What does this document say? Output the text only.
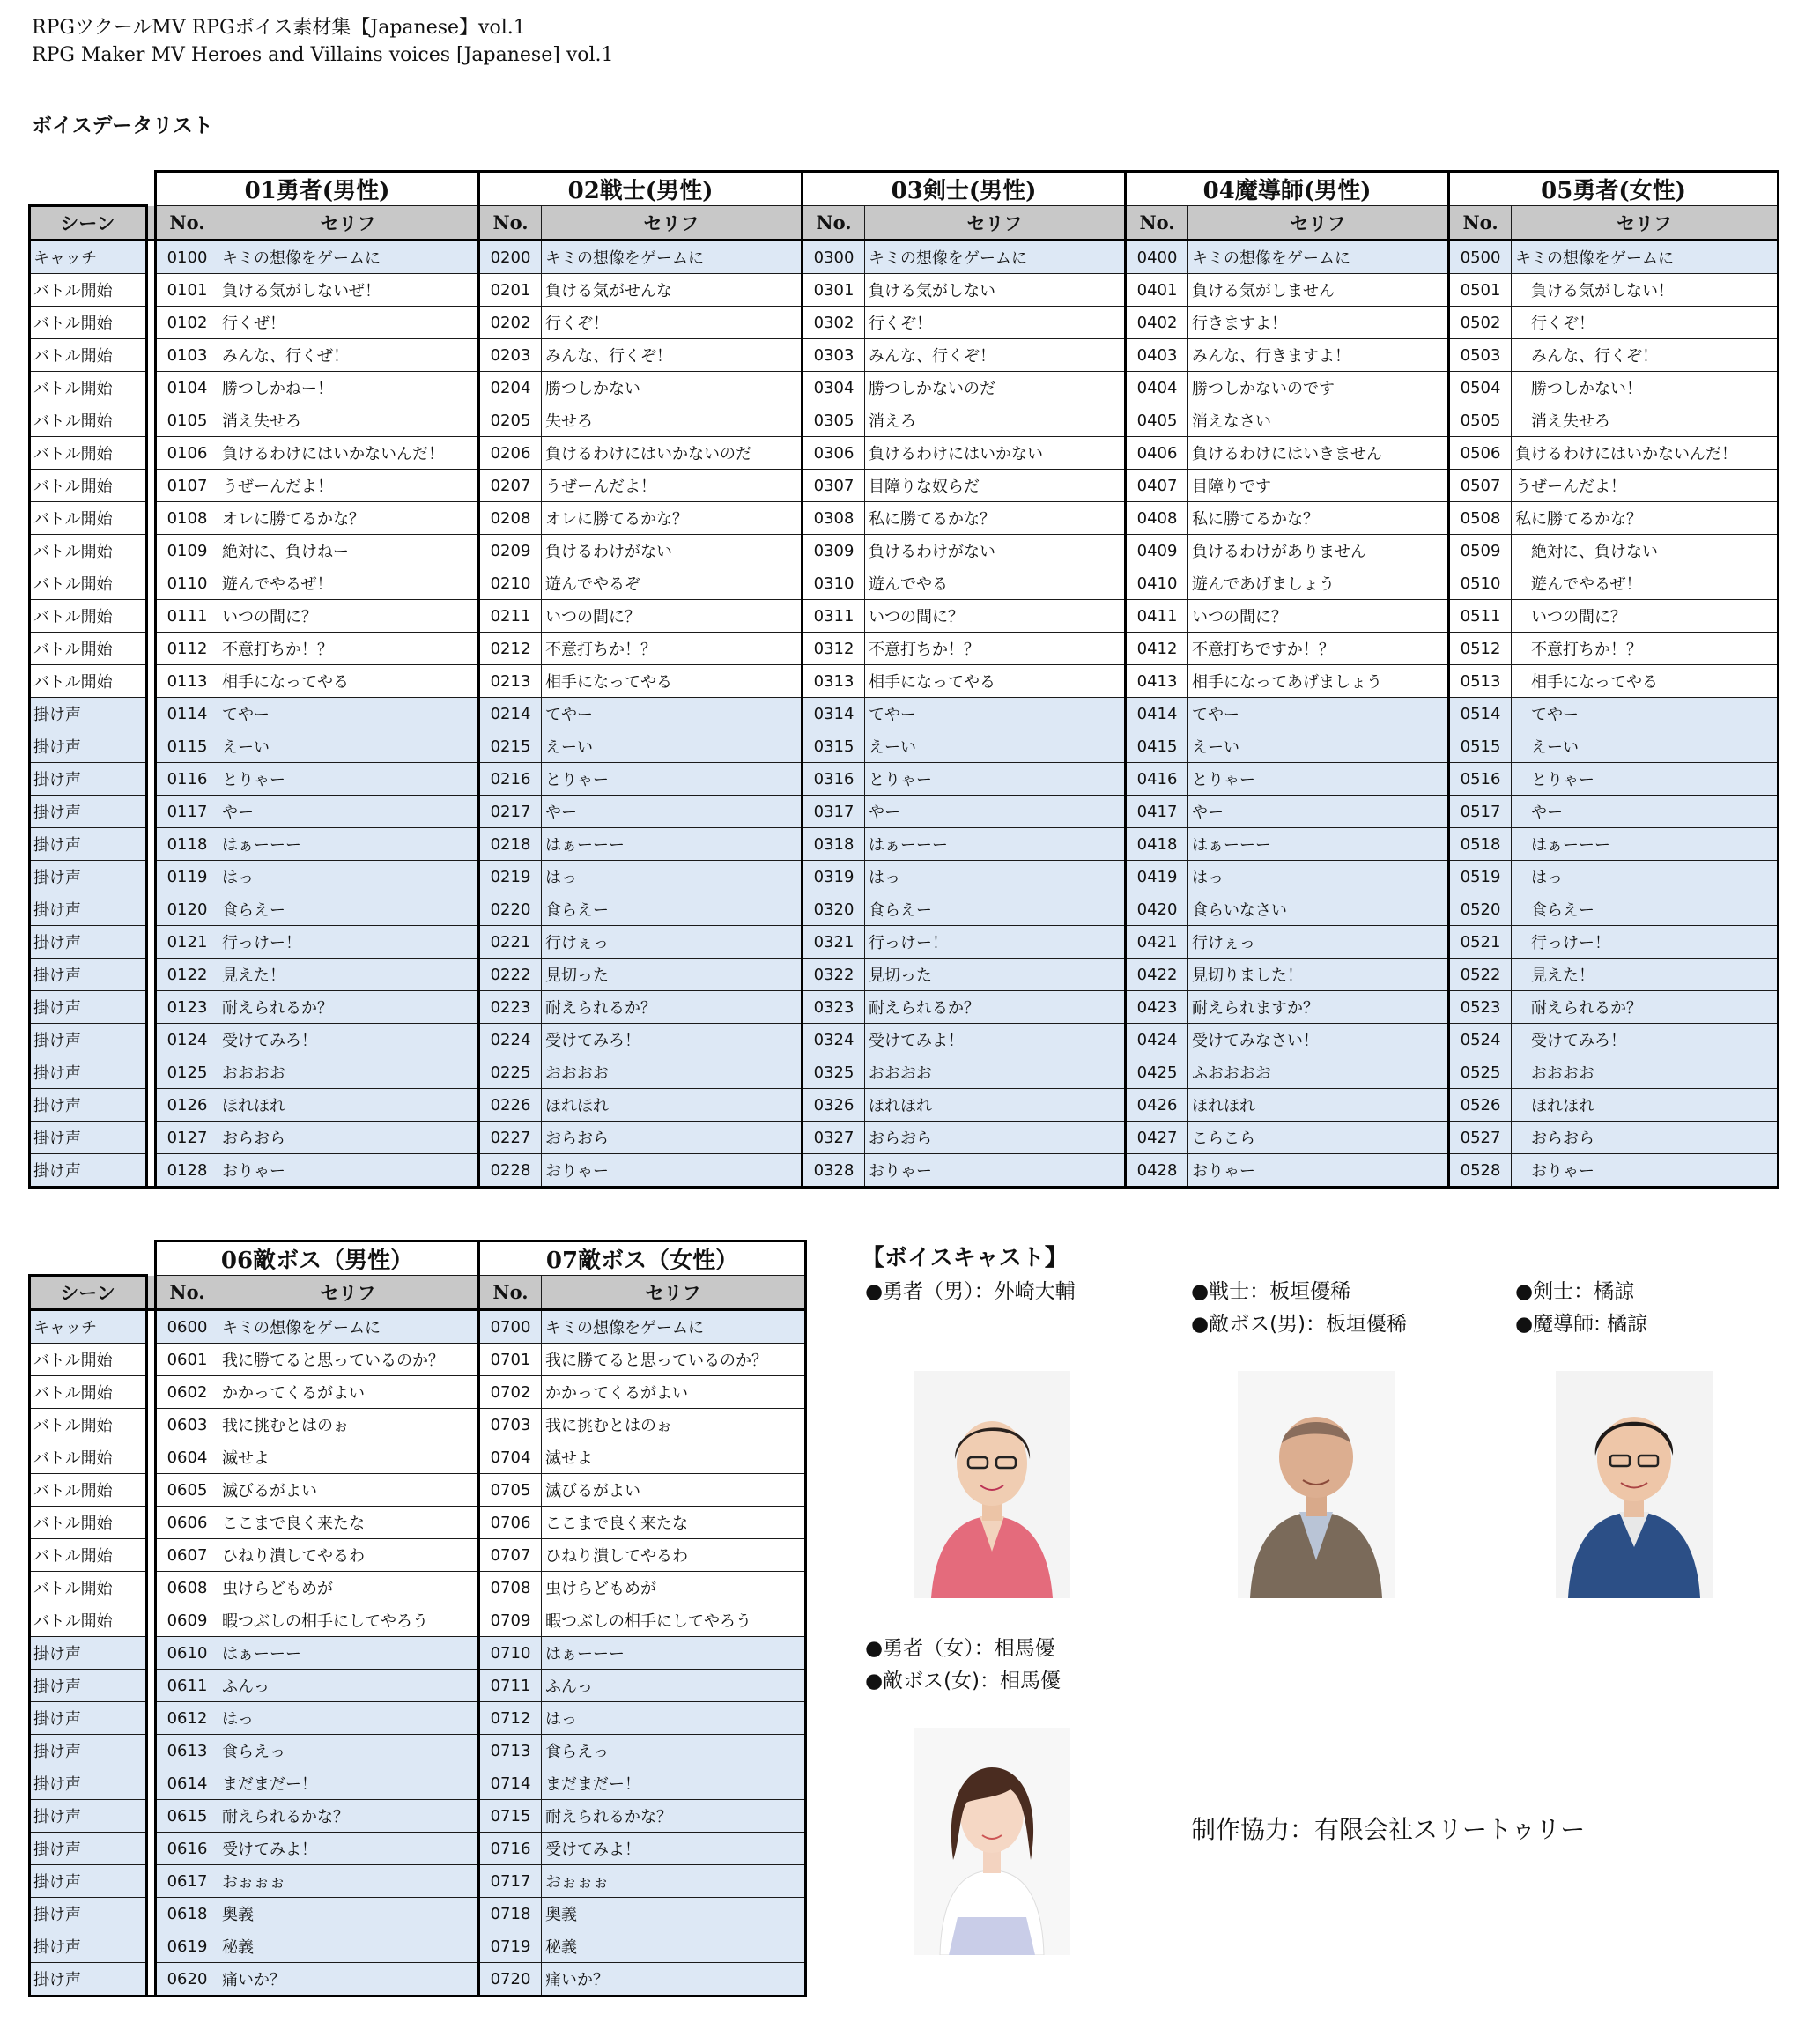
RPGツクールMV RPGボイス素材集【Japanese】vol.1
RPG Maker MV Heroes and Villains voices [Japanese] vol.1
ボイスデータリスト
		01勇者(男性)		02戦士(男性)		03剣士(男性)		04魔導師(男性)		05勇者(女性)	
シーン		No.	セリフ	No.	セリフ	No.	セリフ	No.	セリフ	No.	セリフ
キャッチ		0100	キミの想像をゲームに	0200	キミの想像をゲームに	0300	キミの想像をゲームに	0400	キミの想像をゲームに	0500	キミの想像をゲームに
バトル開始		0101	負ける気がしないぜ！	0201	負ける気がせんな	0301	負ける気がしない	0401	負ける気がしません	0501	　負ける気がしない！
バトル開始		0102	行くぜ！	0202	行くぞ！	0302	行くぞ！	0402	行きますよ！	0502	　行くぞ！
バトル開始		0103	みんな、行くぜ！	0203	みんな、行くぞ！	0303	みんな、行くぞ！	0403	みんな、行きますよ！	0503	　みんな、行くぞ！
バトル開始		0104	勝つしかねー！	0204	勝つしかない	0304	勝つしかないのだ	0404	勝つしかないのです	0504	　勝つしかない！
バトル開始		0105	消え失せろ	0205	失せろ	0305	消えろ	0405	消えなさい	0505	　消え失せろ
バトル開始		0106	負けるわけにはいかないんだ！	0206	負けるわけにはいかないのだ	0306	負けるわけにはいかない	0406	負けるわけにはいきません	0506	負けるわけにはいかないんだ！
バトル開始		0107	うぜーんだよ！	0207	うぜーんだよ！	0307	目障りな奴らだ	0407	目障りです	0507	うぜーんだよ！
バトル開始		0108	オレに勝てるかな？	0208	オレに勝てるかな？	0308	私に勝てるかな？	0408	私に勝てるかな？	0508	私に勝てるかな？
バトル開始		0109	絶対に、負けねー	0209	負けるわけがない	0309	負けるわけがない	0409	負けるわけがありません	0509	　絶対に、負けない
バトル開始		0110	遊んでやるぜ！	0210	遊んでやるぞ	0310	遊んでやる	0410	遊んであげましょう	0510	　遊んでやるぜ！
バトル開始		0111	いつの間に？	0211	いつの間に？	0311	いつの間に？	0411	いつの間に？	0511	　いつの間に？
バトル開始		0112	不意打ちか！？	0212	不意打ちか！？	0312	不意打ちか！？	0412	不意打ちですか！？	0512	　不意打ちか！？
バトル開始		0113	相手になってやる	0213	相手になってやる	0313	相手になってやる	0413	相手になってあげましょう	0513	　相手になってやる
掛け声		0114	てやー	0214	てやー	0314	てやー	0414	てやー	0514	　てやー
掛け声		0115	えーい	0215	えーい	0315	えーい	0415	えーい	0515	　えーい
掛け声		0116	とりゃー	0216	とりゃー	0316	とりゃー	0416	とりゃー	0516	　とりゃー
掛け声		0117	やー	0217	やー	0317	やー	0417	やー	0517	　やー
掛け声		0118	はぁーーー	0218	はぁーーー	0318	はぁーーー	0418	はぁーーー	0518	　はぁーーー
掛け声		0119	はっ	0219	はっ	0319	はっ	0419	はっ	0519	　はっ
掛け声		0120	食らえー	0220	食らえー	0320	食らえー	0420	食らいなさい	0520	　食らえー
掛け声		0121	行っけー！	0221	行けぇっ	0321	行っけー！	0421	行けぇっ	0521	　行っけー！
掛け声		0122	見えた！	0222	見切った	0322	見切った	0422	見切りました！	0522	　見えた！
掛け声		0123	耐えられるか？	0223	耐えられるか？	0323	耐えられるか？	0423	耐えられますか？	0523	　耐えられるか？
掛け声		0124	受けてみろ！	0224	受けてみろ！	0324	受けてみよ！	0424	受けてみなさい！	0524	　受けてみろ！
掛け声		0125	おおおお	0225	おおおお	0325	おおおお	0425	ふおおおお	0525	　おおおお
掛け声		0126	ほれほれ	0226	ほれほれ	0326	ほれほれ	0426	ほれほれ	0526	　ほれほれ
掛け声		0127	おらおら	0227	おらおら	0327	おらおら	0427	こらこら	0527	　おらおら
掛け声		0128	おりゃー	0228	おりゃー	0328	おりゃー	0428	おりゃー	0528	　おりゃー
		06敵ボス（男性）		07敵ボス（女性）	
シーン		No.	セリフ	No.	セリフ
キャッチ		0600	キミの想像をゲームに	0700	キミの想像をゲームに
バトル開始		0601	我に勝てると思っているのか？	0701	我に勝てると思っているのか？
バトル開始		0602	かかってくるがよい	0702	かかってくるがよい
バトル開始		0603	我に挑むとはのぉ	0703	我に挑むとはのぉ
バトル開始		0604	滅せよ	0704	滅せよ
バトル開始		0605	滅びるがよい	0705	滅びるがよい
バトル開始		0606	ここまで良く来たな	0706	ここまで良く来たな
バトル開始		0607	ひねり潰してやるわ	0707	ひねり潰してやるわ
バトル開始		0608	虫けらどもめが	0708	虫けらどもめが
バトル開始		0609	暇つぶしの相手にしてやろう	0709	暇つぶしの相手にしてやろう
掛け声		0610	はぁーーー	0710	はぁーーー
掛け声		0611	ふんっ	0711	ふんっ
掛け声		0612	はっ	0712	はっ
掛け声		0613	食らえっ	0713	食らえっ
掛け声		0614	まだまだー！	0714	まだまだー！
掛け声		0615	耐えられるかな？	0715	耐えられるかな？
掛け声		0616	受けてみよ！	0716	受けてみよ！
掛け声		0617	おぉぉぉ	0717	おぉぉぉ
掛け声		0618	奥義	0718	奥義
掛け声		0619	秘義	0719	秘義
掛け声		0620	痛いか？	0720	痛いか？
【ボイスキャスト】
●勇者（男）：外崎大輔	●戦士：板垣優稀
●敵ボス(男)：板垣優稀
●剣士：橘諒
●魔導師: 橘諒
●勇者（女）：相馬優
●敵ボス(女)：相馬優
制作協力：有限会社スリートゥリー
